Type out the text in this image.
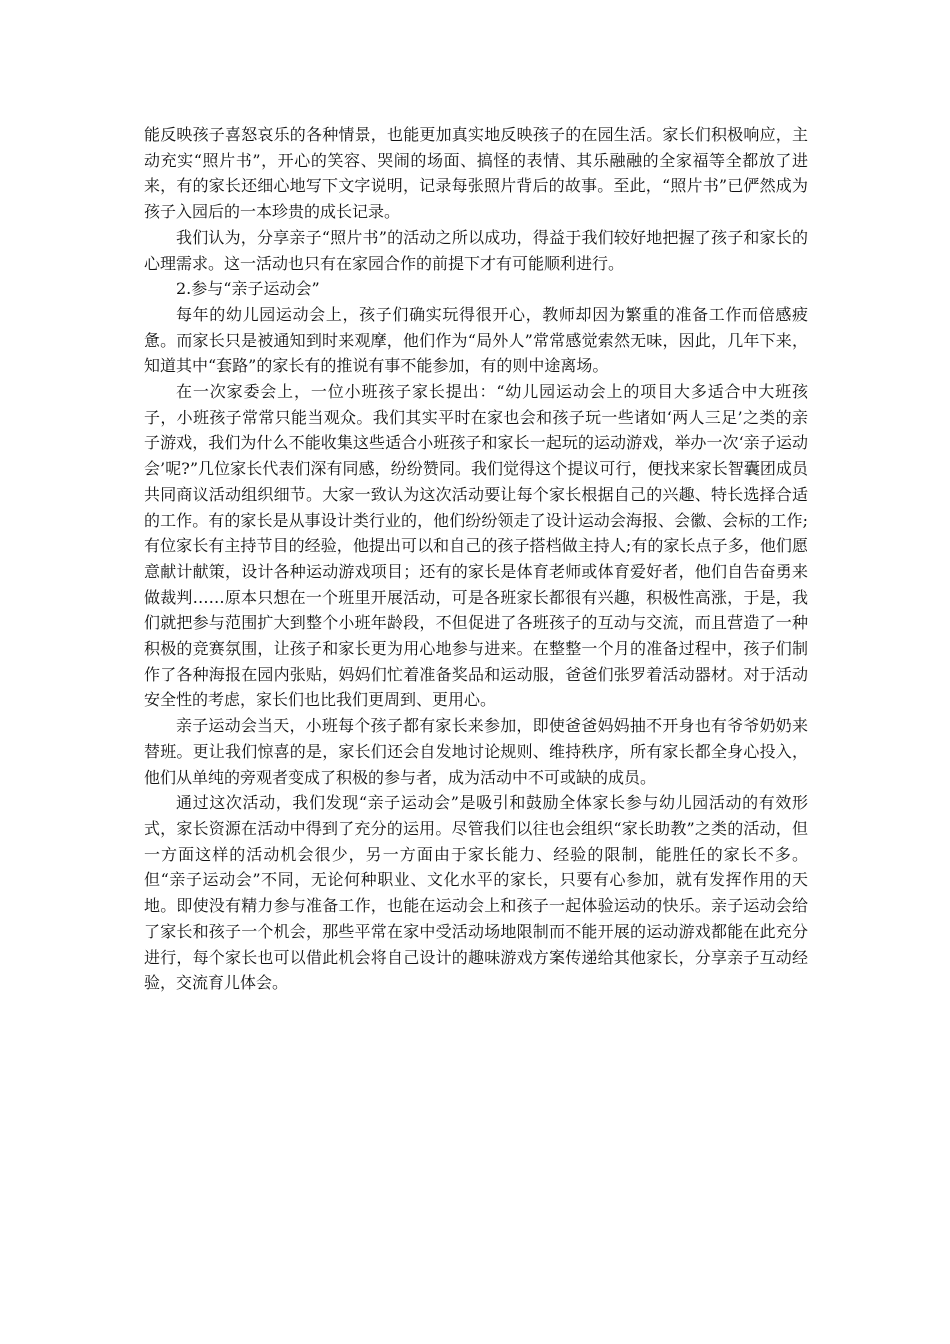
能反映孩子喜怒哀乐的各种情景，也能更加真实地反映孩子的在园生活。家长们积极响应，主动充实“照片书”，开心的笑容、哭闹的场面、搞怪的表情、其乐融融的全家福等全都放了进来，有的家长还细心地写下文字说明，记录每张照片背后的故事。至此，“照片书”已俨然成为孩子入园后的一本珍贵的成长记录。

我们认为，分享亲子“照片书”的活动之所以成功，得益于我们较好地把握了孩子和家长的心理需求。这一活动也只有在家园合作的前提下才有可能顺利进行。

2.参与“亲子运动会”

每年的幼儿园运动会上，孩子们确实玩得很开心，教师却因为繁重的准备工作而倍感疲惫。而家长只是被通知到时来观摩，他们作为“局外人”常常感觉索然无味，因此，几年下来，知道其中“套路”的家长有的推说有事不能参加，有的则中途离场。

在一次家委会上，一位小班孩子家长提出：“幼儿园运动会上的项目大多适合中大班孩子，小班孩子常常只能当观众。我们其实平时在家也会和孩子玩一些诸如‘两人三足’之类的亲子游戏，我们为什么不能收集这些适合小班孩子和家长一起玩的运动游戏，举办一次‘亲子运动会’呢?”几位家长代表们深有同感，纷纷赞同。我们觉得这个提议可行，便找来家长智囊团成员共同商议活动组织细节。大家一致认为这次活动要让每个家长根据自己的兴趣、特长选择合适的工作。有的家长是从事设计类行业的，他们纷纷领走了设计运动会海报、会徽、会标的工作;有位家长有主持节目的经验，他提出可以和自己的孩子搭档做主持人;有的家长点子多，他们愿意献计献策，设计各种运动游戏项目；还有的家长是体育老师或体育爱好者，他们自告奋勇来做裁判……原本只想在一个班里开展活动，可是各班家长都很有兴趣，积极性高涨，于是，我们就把参与范围扩大到整个小班年龄段，不但促进了各班孩子的互动与交流，而且营造了一种积极的竞赛氛围，让孩子和家长更为用心地参与进来。在整整一个月的准备过程中，孩子们制作了各种海报在园内张贴，妈妈们忙着准备奖品和运动服，爸爸们张罗着活动器材。对于活动安全性的考虑，家长们也比我们更周到、更用心。

亲子运动会当天，小班每个孩子都有家长来参加，即使爸爸妈妈抽不开身也有爷爷奶奶来替班。更让我们惊喜的是，家长们还会自发地讨论规则、维持秩序，所有家长都全身心投入，他们从单纯的旁观者变成了积极的参与者，成为活动中不可或缺的成员。

通过这次活动，我们发现“亲子运动会”是吸引和鼓励全体家长参与幼儿园活动的有效形式，家长资源在活动中得到了充分的运用。尽管我们以往也会组织“家长助教”之类的活动，但一方面这样的活动机会很少，另一方面由于家长能力、经验的限制，能胜任的家长不多。但“亲子运动会”不同，无论何种职业、文化水平的家长，只要有心参加，就有发挥作用的天地。即使没有精力参与准备工作，也能在运动会上和孩子一起体验运动的快乐。亲子运动会给了家长和孩子一个机会，那些平常在家中受活动场地限制而不能开展的运动游戏都能在此充分进行，每个家长也可以借此机会将自己设计的趣味游戏方案传递给其他家长，分享亲子互动经验，交流育儿体会。
